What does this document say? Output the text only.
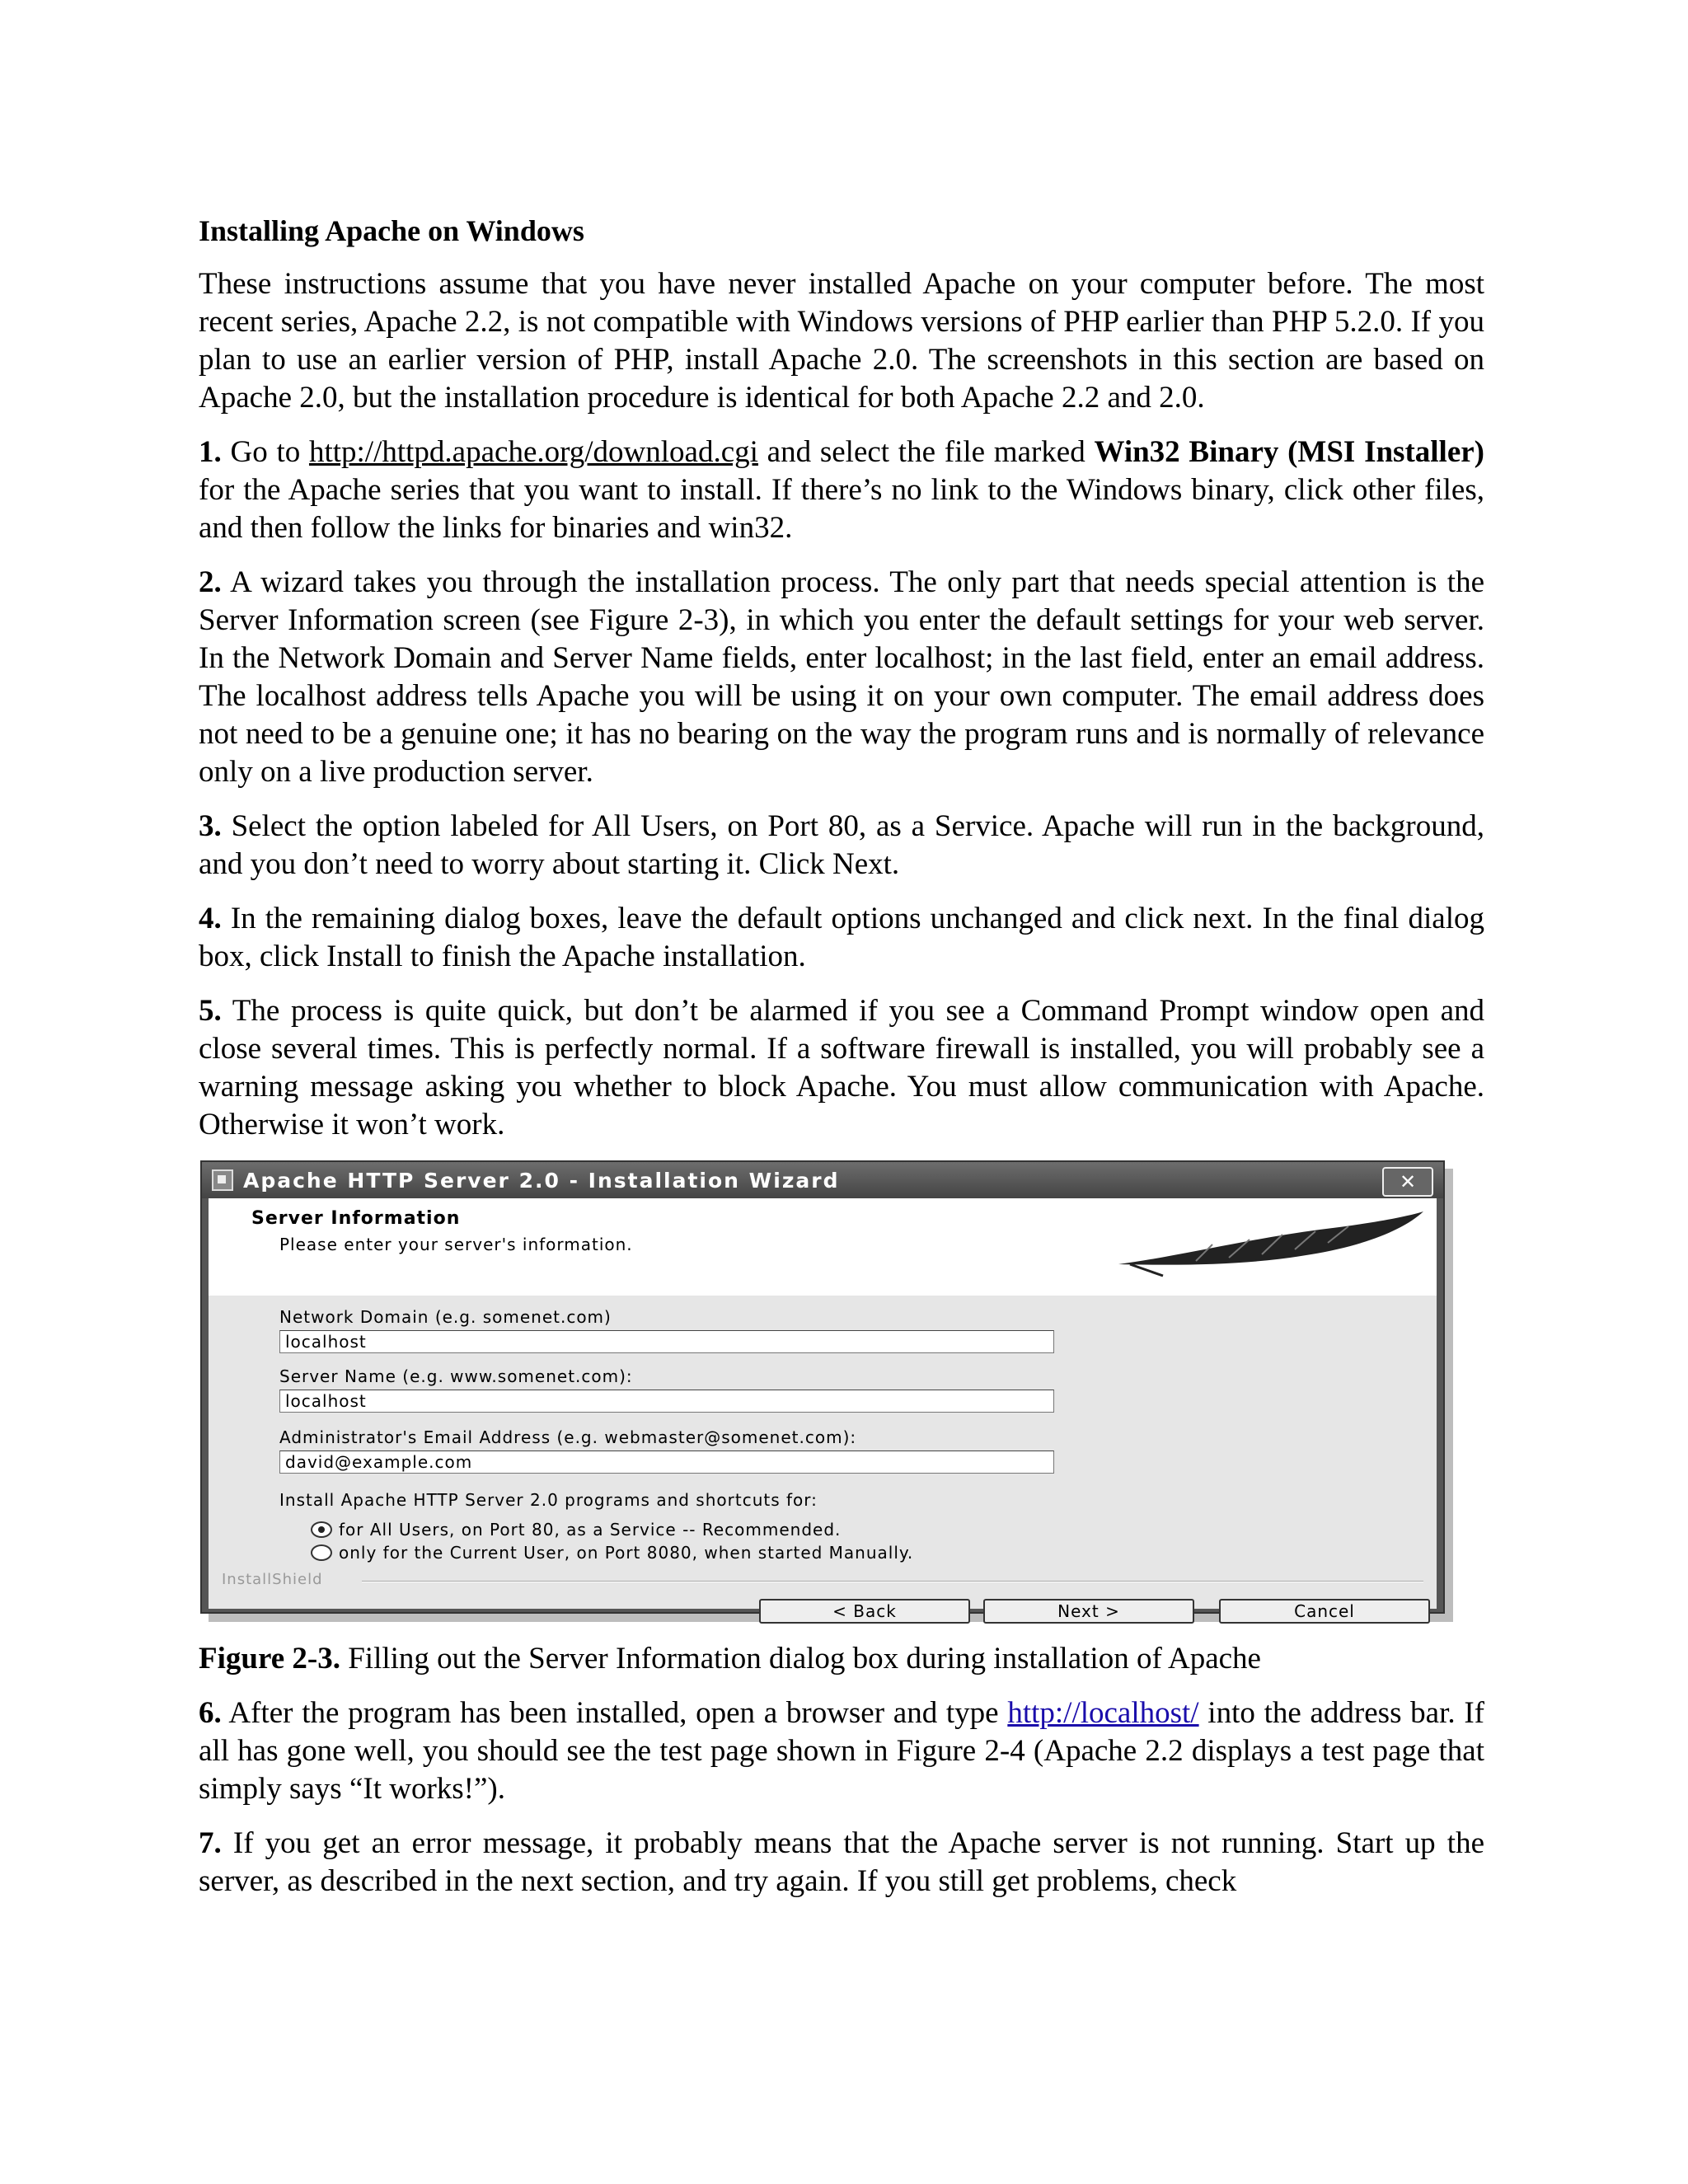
Installing Apache on Windows

These instructions assume that you have never installed Apache on your computer before. The most recent series, Apache 2.2, is not compatible with Windows versions of PHP earlier than PHP 5.2.0. If you plan to use an earlier version of PHP, install Apache 2.0. The screenshots in this section are based on Apache 2.0, but the installation procedure is identical for both Apache 2.2 and 2.0.

1. Go to http://httpd.apache.org/download.cgi and select the file marked Win32 Binary (MSI Installer) for the Apache series that you want to install. If there’s no link to the Windows binary, click other files, and then follow the links for binaries and win32.

2. A wizard takes you through the installation process. The only part that needs special attention is the Server Information screen (see Figure 2-3), in which you enter the default settings for your web server. In the Network Domain and Server Name fields, enter localhost; in the last field, enter an email address. The localhost address tells Apache you will be using it on your own computer. The email address does not need to be a genuine one; it has no bearing on the way the program runs and is normally of relevance only on a live production server.

3. Select the option labeled for All Users, on Port 80, as a Service. Apache will run in the background, and you don’t need to worry about starting it. Click Next.

4. In the remaining dialog boxes, leave the default options unchanged and click next. In the final dialog box, click Install to finish the Apache installation.

5. The process is quite quick, but don’t be alarmed if you see a Command Prompt window open and close several times. This is perfectly normal. If a software firewall is installed, you will probably see a warning message asking you whether to block Apache. You must allow communication with Apache. Otherwise it won’t work.

Apache HTTP Server 2.0 - Installation Wizard	✕
Server Information
Please enter your server's information.
Network Domain (e.g. somenet.com)
localhost
Server Name (e.g. www.somenet.com):
localhost
Administrator's Email Address (e.g. webmaster@somenet.com):
david@example.com
Install Apache HTTP Server 2.0 programs and shortcuts for:
for All Users, on Port 80, as a Service -- Recommended.
only for the Current User, on Port 8080, when started Manually.
InstallShield
< Back	Next >	Cancel

Figure 2-3. Filling out the Server Information dialog box during installation of Apache

6. After the program has been installed, open a browser and type http://localhost/ into the address bar. If all has gone well, you should see the test page shown in Figure 2-4 (Apache 2.2 displays a test page that simply says “It works!”).

7. If you get an error message, it probably means that the Apache server is not running. Start up the server, as described in the next section, and try again. If you still get problems, check
